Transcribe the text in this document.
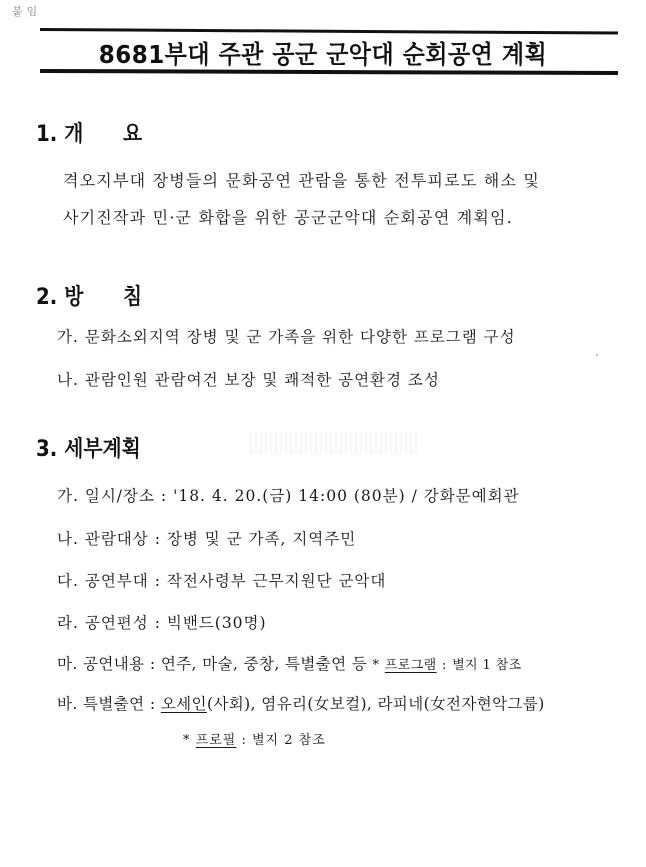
붙임
8681부대 주관 공군 군악대 순회공연 계획
1. 개 요
격오지부대 장병들의 문화공연 관람을 통한 전투피로도 해소 및
사기진작과 민·군 화합을 위한 공군군악대 순회공연 계획임.
2. 방 침
가. 문화소외지역 장병 및 군 가족을 위한 다양한 프로그램 구성
나. 관람인원 관람여건 보장 및 쾌적한 공연환경 조성
3. 세부계획
가. 일시/장소 : '18. 4. 20.(금) 14:00 (80분) / 강화문예회관
나. 관람대상 : 장병 및 군 가족, 지역주민
다. 공연부대 : 작전사령부 근무지원단 군악대
라. 공연편성 : 빅밴드(30명)
마. 공연내용 : 연주, 마술, 중창, 특별출연 등 * 프로그램 : 별지 1 참조
바. 특별출연 : 오세인(사회), 염유리(女보컬), 라피네(女전자현악그룹)
* 프로필 : 별지 2 참조
